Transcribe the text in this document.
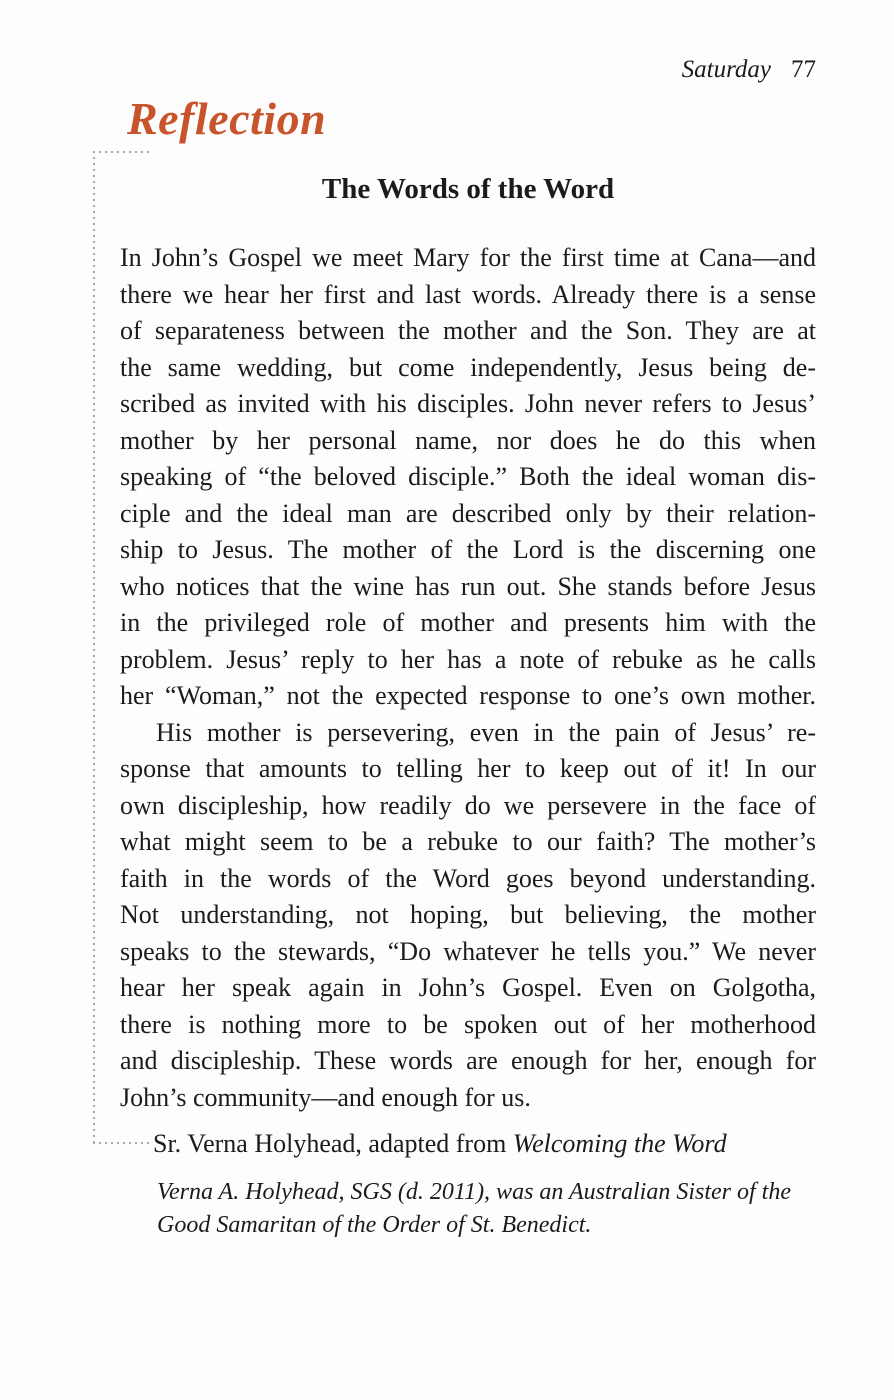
Saturday 77
Reflection
The Words of the Word
In John’s Gospel we meet Mary for the first time at Cana—and
there we hear her first and last words. Already there is a sense
of separateness between the mother and the Son. They are at
the same wedding, but come independently, Jesus being de-
scribed as invited with his disciples. John never refers to Jesus’
mother by her personal name, nor does he do this when
speaking of “the beloved disciple.” Both the ideal woman dis-
ciple and the ideal man are described only by their relation-
ship to Jesus. The mother of the Lord is the discerning one
who notices that the wine has run out. She stands before Jesus
in the privileged role of mother and presents him with the
problem. Jesus’ reply to her has a note of rebuke as he calls
her “Woman,” not the expected response to one’s own mother.
His mother is persevering, even in the pain of Jesus’ re-
sponse that amounts to telling her to keep out of it! In our
own discipleship, how readily do we persevere in the face of
what might seem to be a rebuke to our faith? The mother’s
faith in the words of the Word goes beyond understanding.
Not understanding, not hoping, but believing, the mother
speaks to the stewards, “Do whatever he tells you.” We never
hear her speak again in John’s Gospel. Even on Golgotha,
there is nothing more to be spoken out of her motherhood
and discipleship. These words are enough for her, enough for
John’s community—and enough for us.
Sr. Verna Holyhead, adapted from Welcoming the Word
Verna A. Holyhead, SGS (d. 2011), was an Australian Sister of the
Good Samaritan of the Order of St. Benedict.
